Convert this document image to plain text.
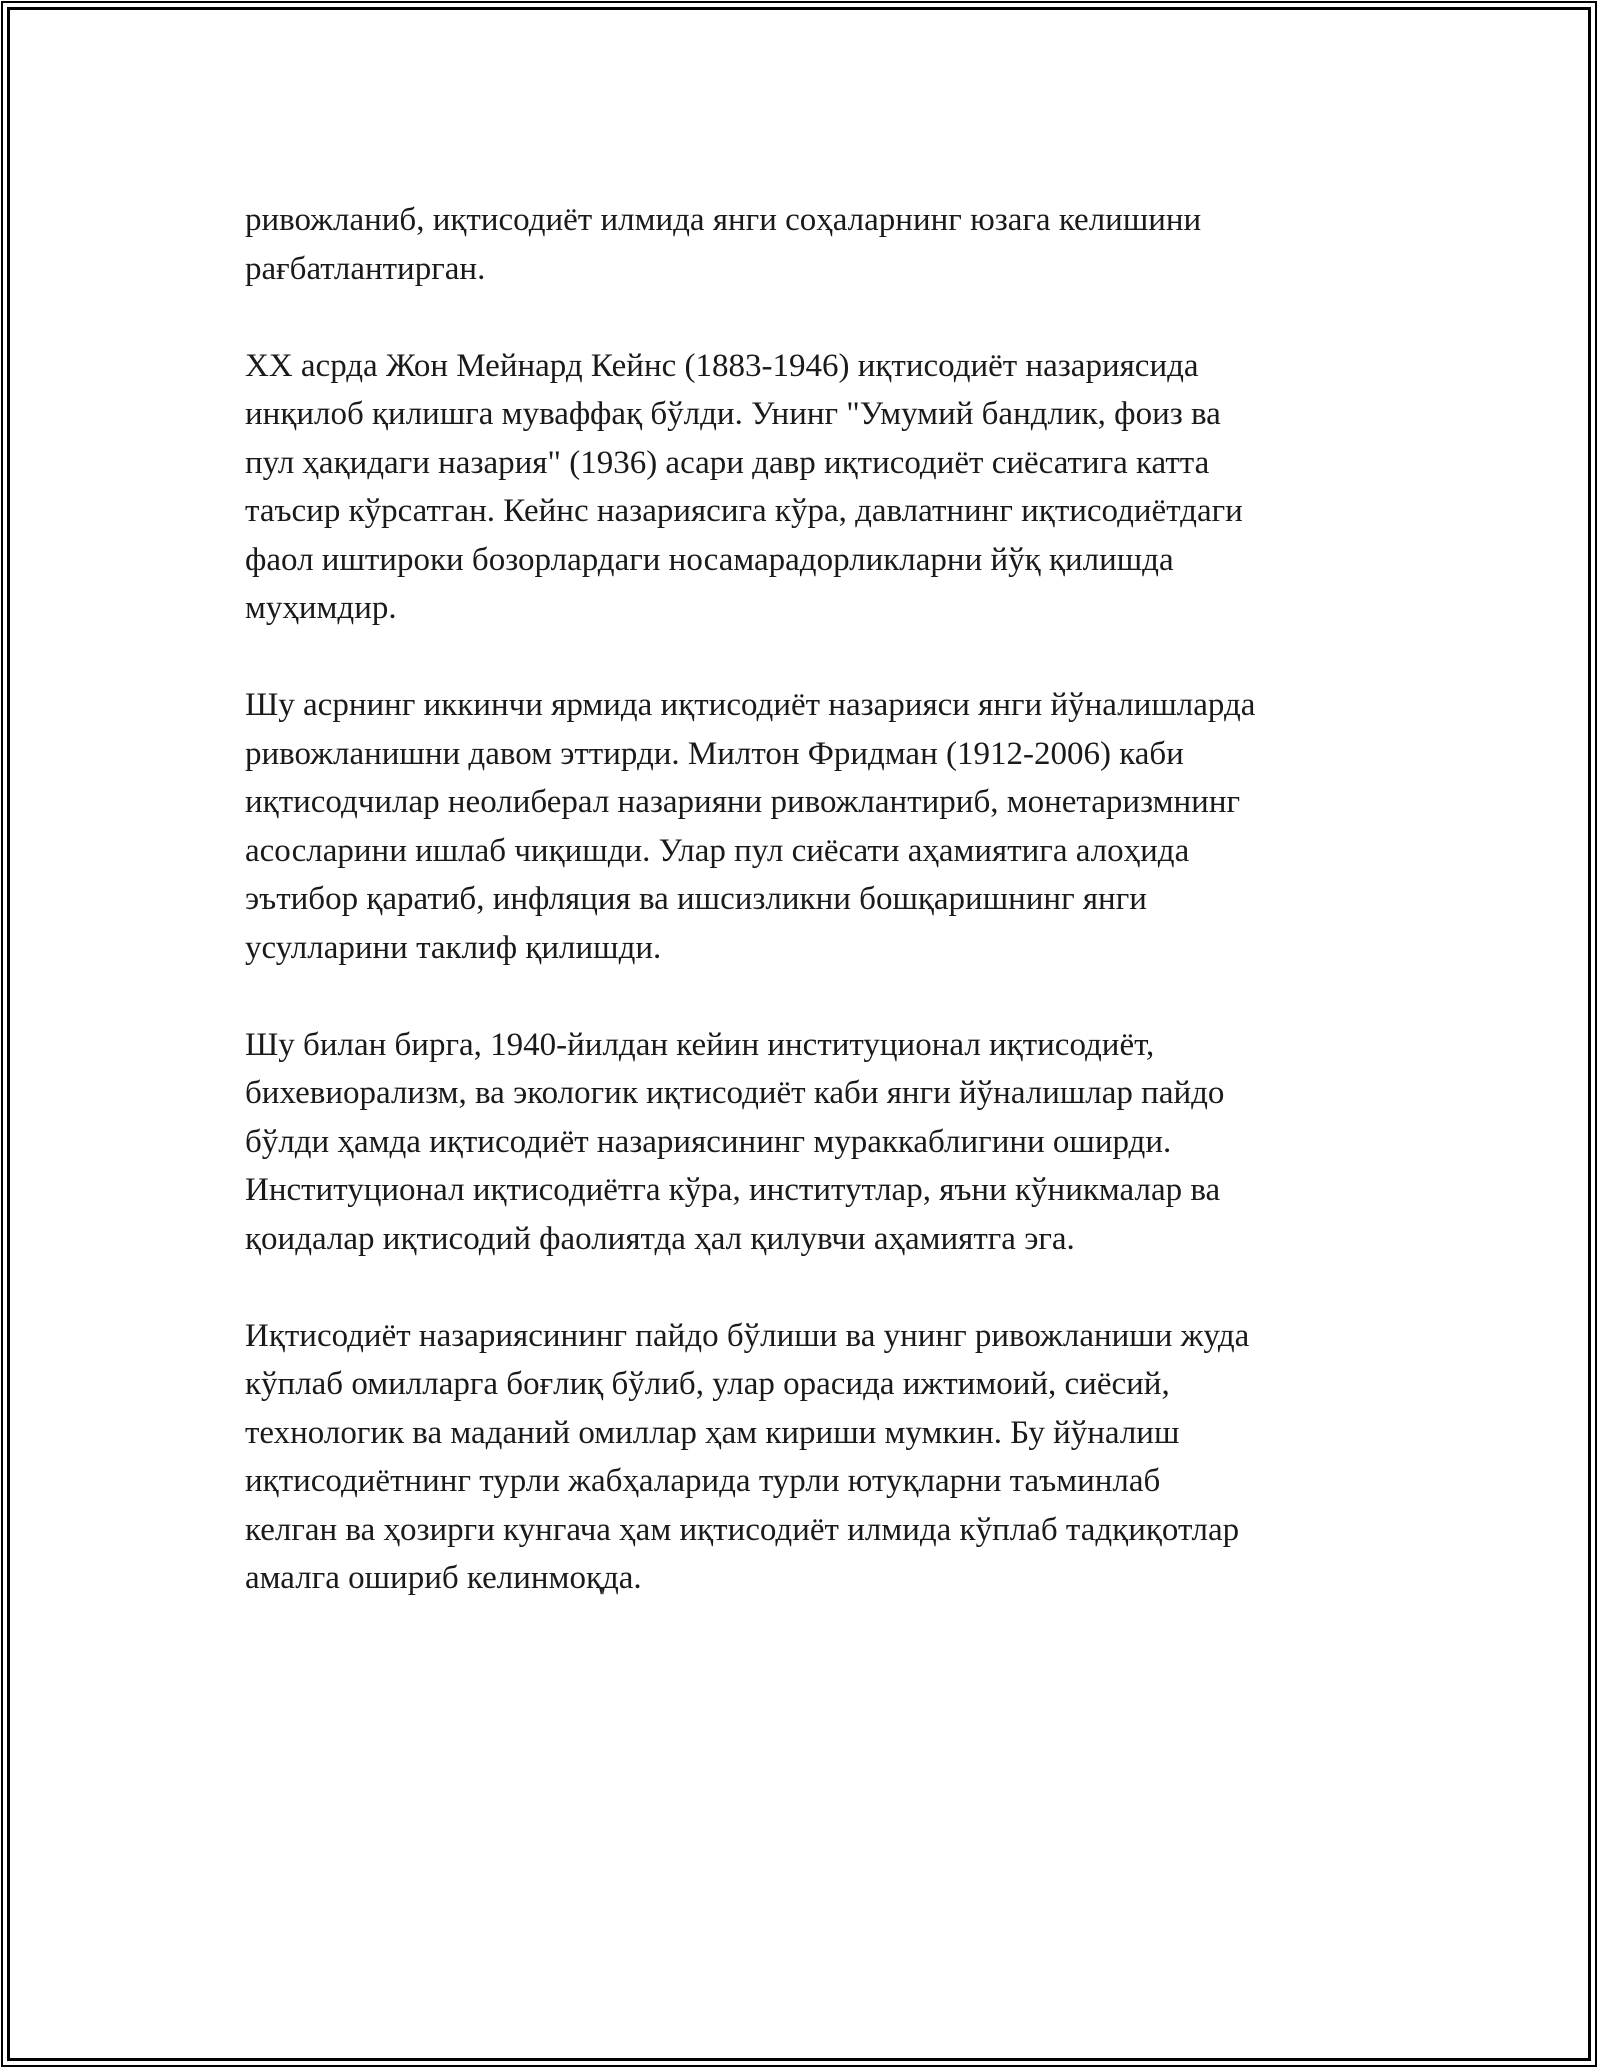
ривожланиб, иқтисодиёт илмида янги соҳаларнинг юзага келишини
рағбатлантирган.

XX асрда Жон Мейнард Кейнс (1883-1946) иқтисодиёт назариясида
инқилоб қилишга муваффақ бўлди. Унинг "Умумий бандлик, фоиз ва
пул ҳақидаги назария" (1936) асари давр иқтисодиёт сиёсатига катта
таъсир кўрсатган. Кейнс назариясига кўра, давлатнинг иқтисодиётдаги
фаол иштироки бозорлардаги носамарадорликларни йўқ қилишда
муҳимдир.

Шу асрнинг иккинчи ярмида иқтисодиёт назарияси янги йўналишларда
ривожланишни давом эттирди. Милтон Фридман (1912-2006) каби
иқтисодчилар неолиберал назарияни ривожлантириб, монетаризмнинг
асосларини ишлаб чиқишди. Улар пул сиёсати аҳамиятига алоҳида
эътибор қаратиб, инфляция ва ишсизликни бошқаришнинг янги
усулларини таклиф қилишди.

Шу билан бирга, 1940-йилдан кейин институционал иқтисодиёт,
бихевиорализм, ва экологик иқтисодиёт каби янги йўналишлар пайдо
бўлди ҳамда иқтисодиёт назариясининг мураккаблигини оширди.
Институционал иқтисодиётга кўра, институтлар, яъни кўникмалар ва
қоидалар иқтисодий фаолиятда ҳал қилувчи аҳамиятга эга.

Иқтисодиёт назариясининг пайдо бўлиши ва унинг ривожланиши жуда
кўплаб омилларга боғлиқ бўлиб, улар орасида ижтимоий, сиёсий,
технологик ва маданий омиллар ҳам кириши мумкин. Бу йўналиш
иқтисодиётнинг турли жабҳаларида турли ютуқларни таъминлаб
келган ва ҳозирги кунгача ҳам иқтисодиёт илмида кўплаб тадқиқотлар
амалга ошириб келинмоқда.
